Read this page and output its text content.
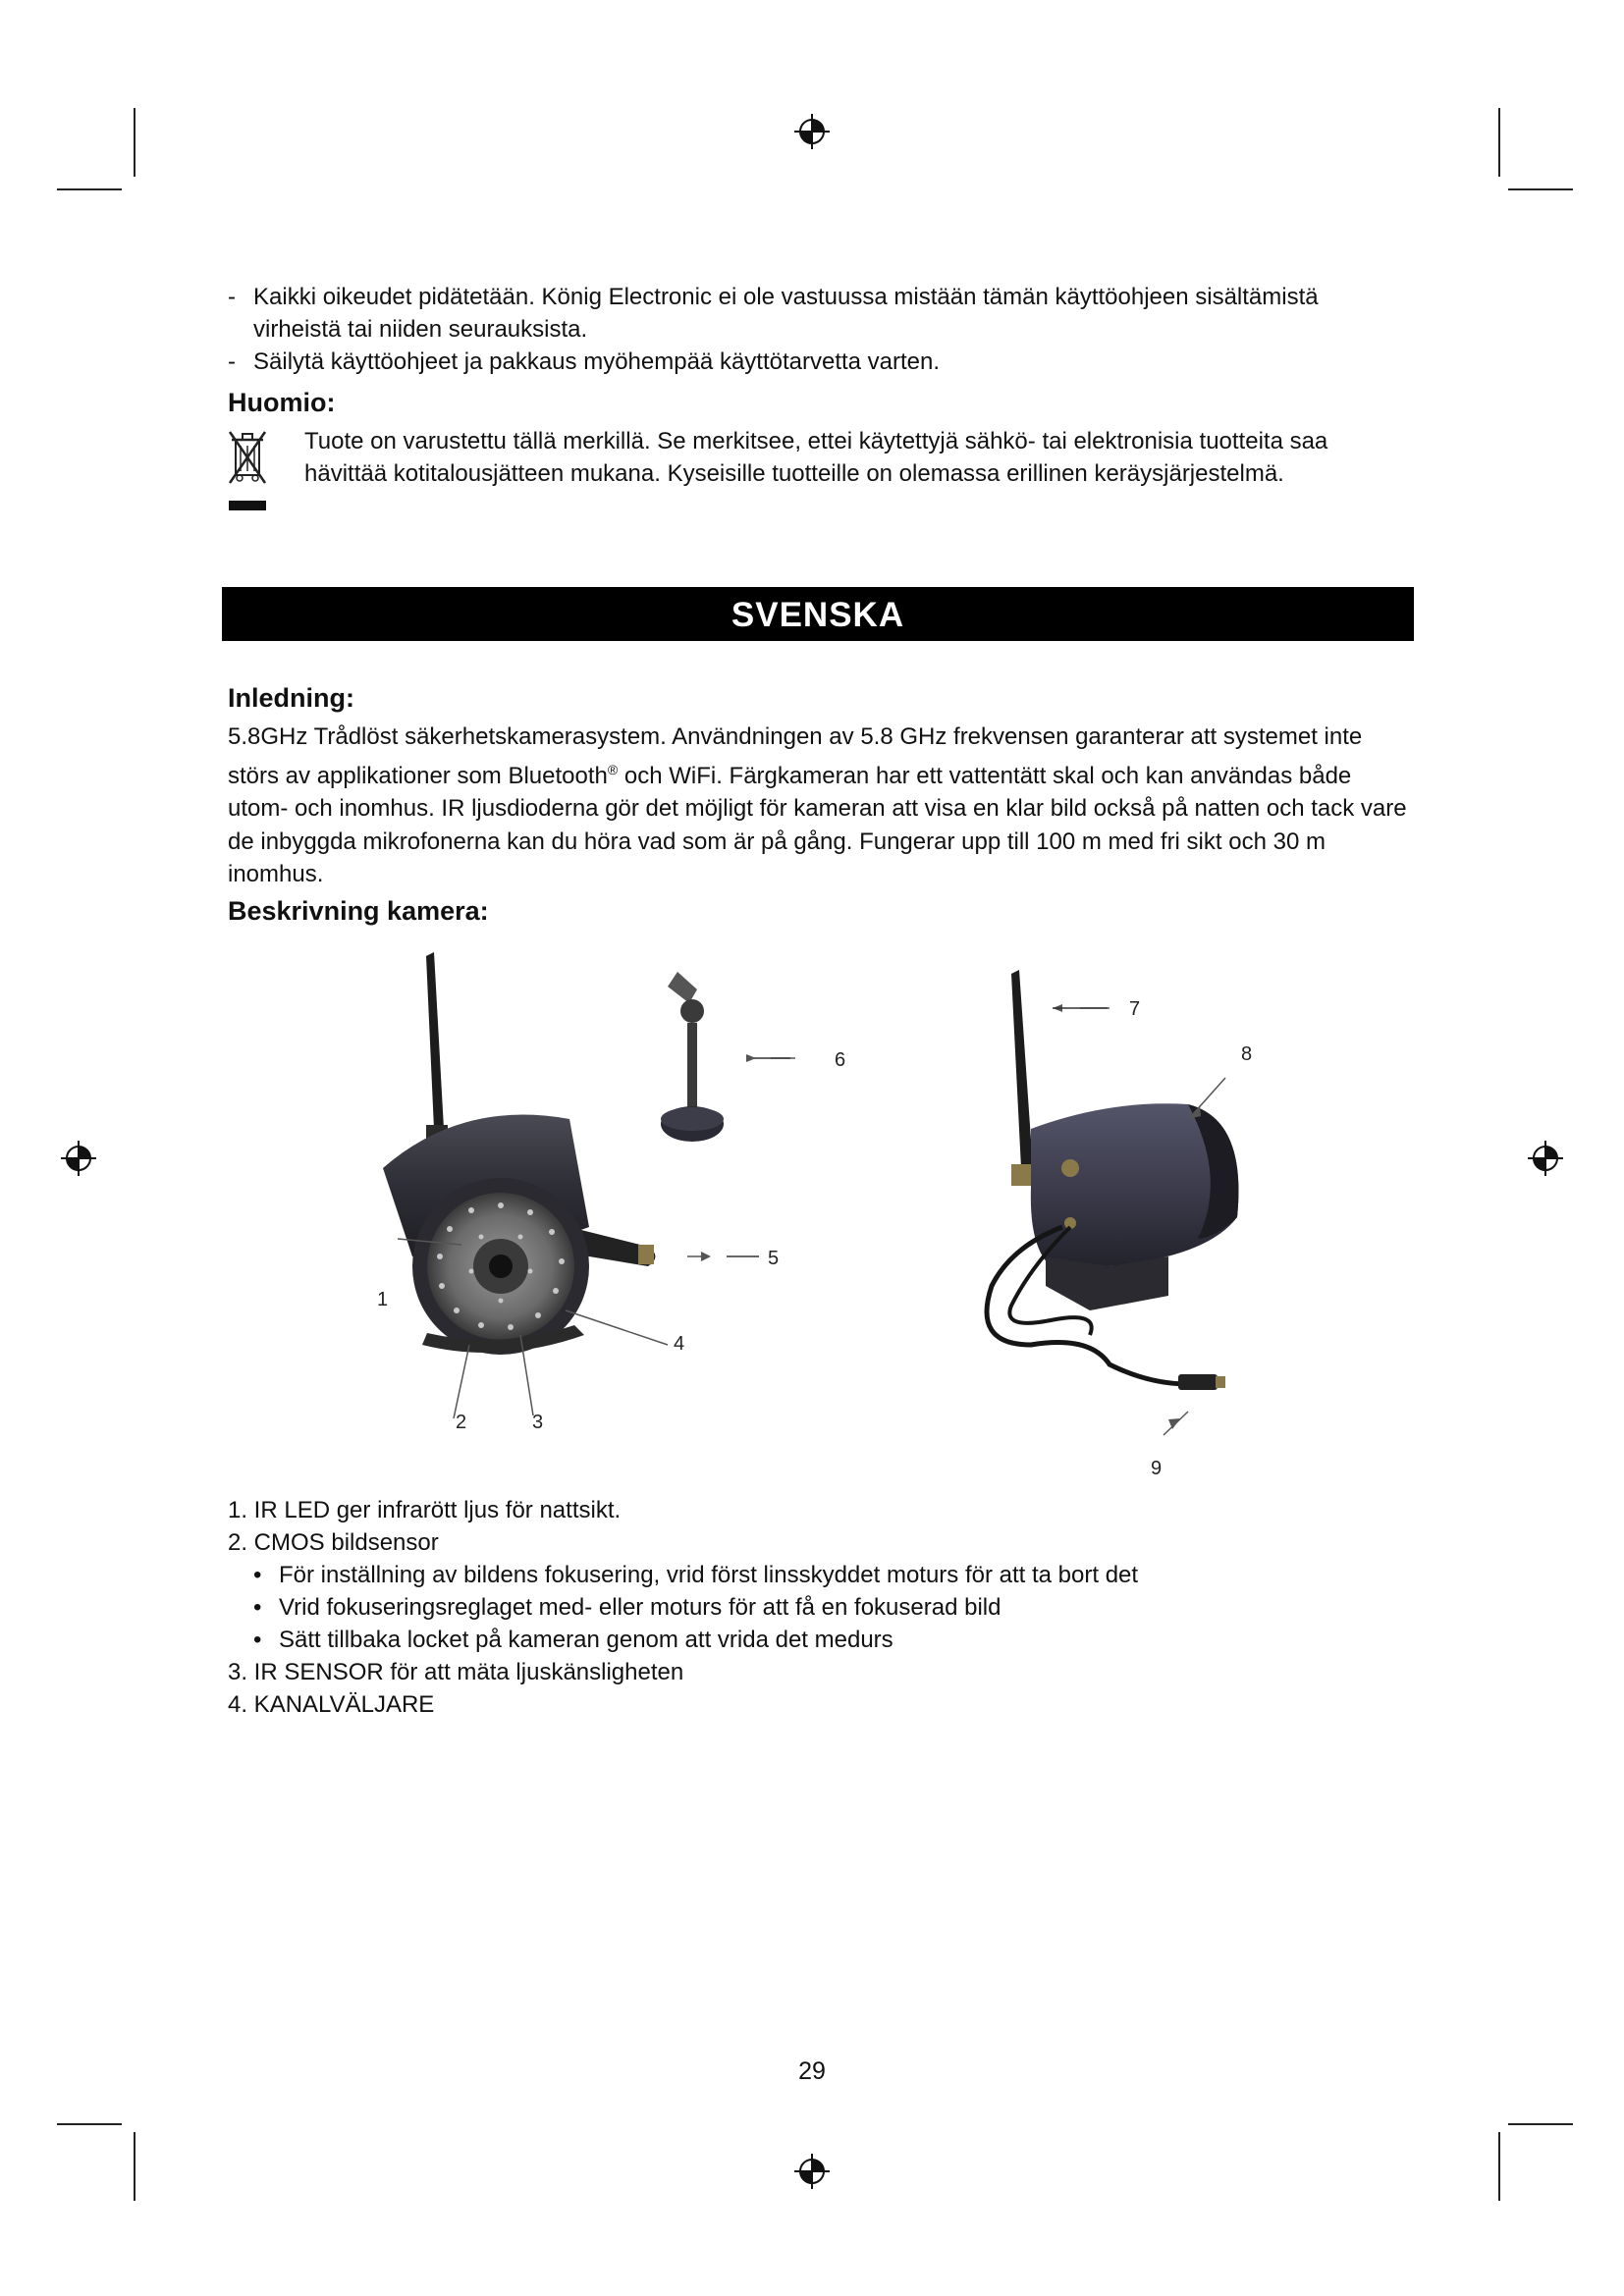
- Kaikki oikeudet pidätetään. König Electronic ei ole vastuussa mistään tämän käyttöohjeen sisältämistä virheistä tai niiden seurauksista.
- Säilytä käyttöohjeet ja pakkaus myöhempää käyttötarvetta varten.
Huomio:
Tuote on varustettu tällä merkillä. Se merkitsee, ettei käytettyjä sähkö- tai elektronisia tuotteita saa hävittää kotitalousjätteen mukana. Kyseisille tuotteille on olemassa erillinen keräysjärjestelmä.
SVENSKA
Inledning:
5.8GHz Trådlöst säkerhetskamerasystem. Användningen av 5.8 GHz frekvensen garanterar att systemet inte störs av applikationer som Bluetooth® och WiFi. Färgkameran har ett vattentätt skal och kan användas både utom- och inomhus. IR ljusdioderna gör det möjligt för kameran att visa en klar bild också på natten och tack vare de inbyggda mikrofonerna kan du höra vad som är på gång. Fungerar upp till 100 m med fri sikt och 30 m inomhus.
Beskrivning kamera:
1
2	3
4
5
6
7
8
9
1. IR LED ger infrarött ljus för nattsikt.
2. CMOS bildsensor
• För inställning av bildens fokusering, vrid först linsskyddet moturs för att ta bort det
• Vrid fokuseringsreglaget med- eller moturs för att få en fokuserad bild
• Sätt tillbaka locket på kameran genom att vrida det medurs
3. IR SENSOR för att mäta ljuskänsligheten
4. KANALVÄLJARE
29
